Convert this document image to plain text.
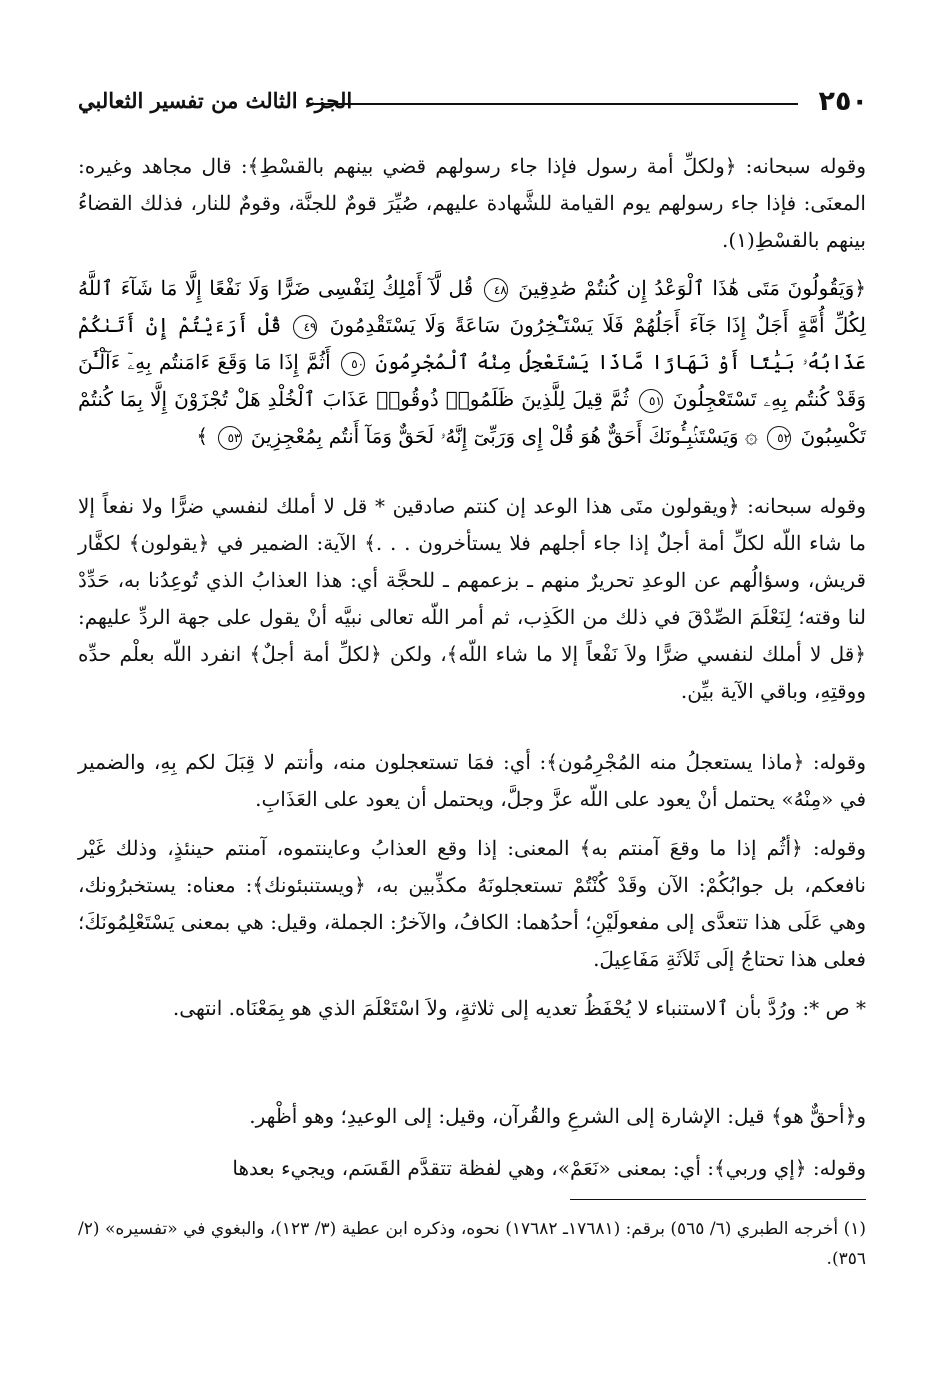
٢٥٠
الجزء الثالث من تفسير الثعالبي
وقوله سبحانه: ﴿ولكلِّ أمة رسول فإذا جاء رسولهم قضي بينهم بالقسْطِ﴾: قال مجاهد وغيره: المعنَى: فإذا جاء رسولهم يوم القيامة للشَّهادة عليهم، صُيِّرَ قومٌ للجنَّة، وقومٌ للنار، فذلك القضاءُ بينهم بالقسْطِ(١).
﴿وَيَقُولُونَ مَتَى هَٰذَا ٱلْوَعْدُ إِن كُنتُمْ صَٰدِقِينَ ٤٨ قُل لَّآ أَمْلِكُ لِنَفْسِى ضَرًّا وَلَا نَفْعًا إِلَّا مَا شَآءَ ٱللَّهُ لِكُلِّ أُمَّةٍ أَجَلٌ إِذَا جَآءَ أَجَلُهُمْ فَلَا يَسْتَـْٔخِرُونَ سَاعَةً وَلَا يَسْتَقْدِمُونَ ٤٩ قُلْ أَرَءَيْتُمْ إِنْ أَتَىٰكُمْ عَذَابُهُۥ بَيَٰتًا أَوْ نَهَارًا مَّاذَا يَسْتَعْجِلُ مِنْهُ ٱلْمُجْرِمُونَ ٥٠ أَثُمَّ إِذَا مَا وَقَعَ ءَامَنتُم بِهِۦٓ ءَآلْـَٰٔنَ وَقَدْ كُنتُم بِهِۦ تَسْتَعْجِلُونَ ٥١ ثُمَّ قِيلَ لِلَّذِينَ ظَلَمُوا۟ ذُوقُوا۟ عَذَابَ ٱلْخُلْدِ هَلْ تُجْزَوْنَ إِلَّا بِمَا كُنتُمْ تَكْسِبُونَ ٥٢ ۞ وَيَسْتَنۢبِـُٔونَكَ أَحَقٌّ هُوَ قُلْ إِى وَرَبِّىٓ إِنَّهُۥ لَحَقٌّ وَمَآ أَنتُم بِمُعْجِزِينَ ٥٣ ﴾
وقوله سبحانه: ﴿ويقولون متَى هذا الوعد إن كنتم صادقين * قل لا أملك لنفسي ضرًّا ولا نفعاً إلا ما شاء اللّه لكلِّ أمة أجلٌ إذا جاء أجلهم فلا يستأخرون . . .﴾ الآية: الضمير في ﴿يقولون﴾ لكفَّار قريش، وسؤالُهم عن الوعدِ تحريرٌ منهم ـ بزعمهم ـ للحجَّة أي: هذا العذابُ الذي تُوعِدُنا به، حَدِّدْ لنا وقته؛ لِنَعْلَمَ الصِّدْقَ في ذلك من الكَذِب، ثم أمر اللّه تعالى نبيَّه أنْ يقول على جهة الردِّ عليهم: ﴿قل لا أملك لنفسي ضرًّا ولاَ نَفْعاً إلا ما شاء اللّه﴾، ولكن ﴿لكلِّ أمة أجلٌ﴾ انفرد اللّه بعلْم حدِّه ووقتِهِ، وباقي الآية بيِّن.
وقوله: ﴿ماذا يستعجلُ منه المُجْرِمُون﴾: أي: فمَا تستعجلون منه، وأنتم لا قِبَلَ لكم بِهِ، والضمير في «مِنْهُ» يحتمل أنْ يعود على اللّه عزَّ وجلَّ، ويحتمل أن يعود على العَذَابِ.
وقوله: ﴿أثُم إذا ما وقعَ آمنتم به﴾ المعنى: إذا وقع العذابُ وعاينتموه، آمنتم حينئذٍ، وذلك غَيْر نافعكم، بل جوابُكُمْ: الآن وقَدْ كُنْتُمْ تستعجلونَهُ مكذِّبين به، ﴿ويستنبئونك﴾: معناه: يستخبرُونك، وهي عَلَى هذا تتعدَّى إلى مفعولَيْنِ؛ أحدُهما: الكافُ، والآخرُ: الجملة، وقيل: هي بمعنى يَسْتَعْلِمُونَكَ؛ فعلى هذا تحتاجُ إلَى ثَلاَثَةِ مَفَاعِيلَ.
* ص *: ورُدَّ بأن ٱلاستنباء لا يُحْفَظُ تعديه إلى ثلاثةٍ، ولاَ اسْتَعْلَمَ الذي هو بِمَعْنَاه. انتهى.
و﴿أحقٌّ هو﴾ قيل: الإشارة إلى الشرعِ والقُرآن، وقيل: إلى الوعيدِ؛ وهو أظْهر.
وقوله: ﴿إي وربي﴾: أي: بمعنى «نَعَمْ»، وهي لفظة تتقدَّم القَسَم، ويجيء بعدها
(١) أخرجه الطبري (٦/ ٥٦٥) برقم: (١٧٦٨١ـ ١٧٦٨٢) نحوه، وذكره ابن عطية (٣/ ١٢٣)، والبغوي في «تفسيره» (٢/ ٣٥٦).
